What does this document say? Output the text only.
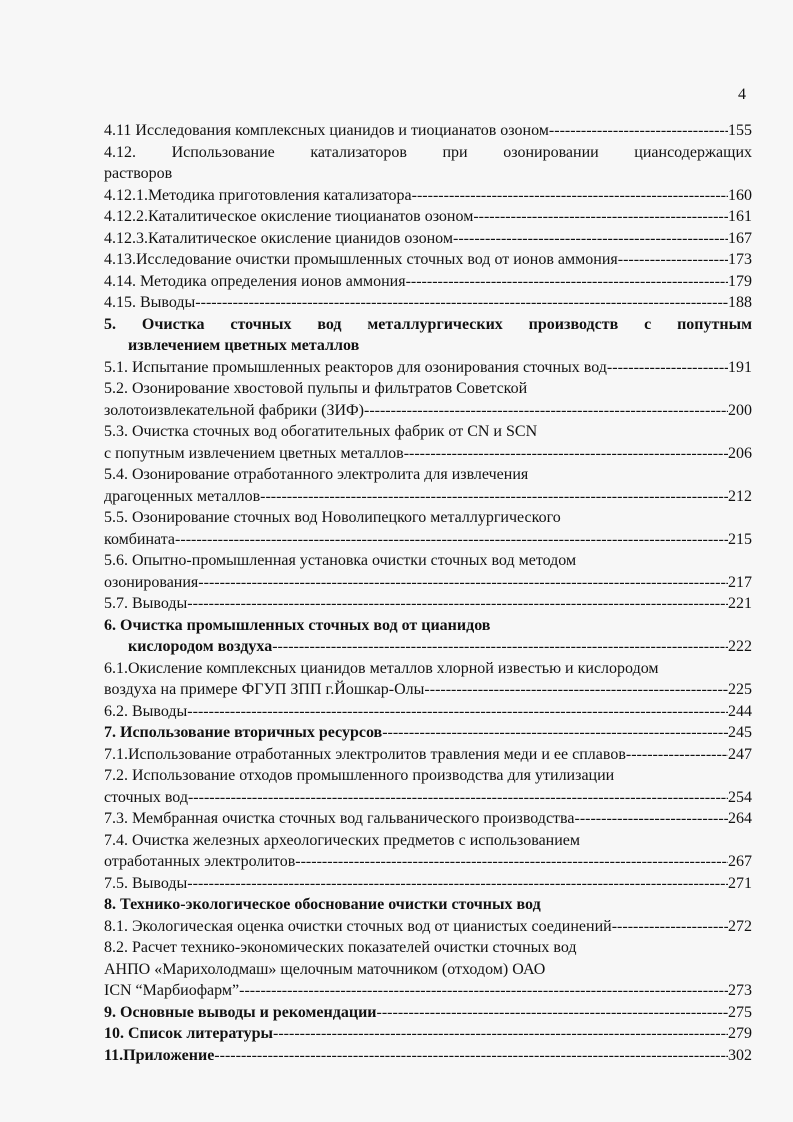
4
4.11 Исследования комплексных цианидов и тиоцианатов озоном -----	155
4.12. Использование катализаторов при озонировании циансодержащих
растворов
4.12.1.Методика приготовления катализатора -----	160
4.12.2.Каталитическое окисление тиоцианатов озоном -----	161
4.12.3.Каталитическое окисление цианидов озоном -----	167
4.13.Исследование очистки промышленных сточных вод от ионов аммония -----	173
4.14. Методика определения ионов аммония -----	179
4.15. Выводы -----	188
5. Очистка сточных вод металлургических производств с попутным
извлечением цветных металлов
5.1. Испытание промышленных реакторов для озонирования сточных вод -----	191
5.2. Озонирование хвостовой пульпы и фильтратов Советской
золотоизвлекательной фабрики (ЗИФ) -----	200
5.3. Очистка сточных вод обогатительных фабрик от CN и SCN
с попутным извлечением цветных металлов -----	206
5.4. Озонирование отработанного электролита для извлечения
драгоценных металлов -----	212
5.5. Озонирование сточных вод Новолипецкого металлургического
комбината -----	215
5.6. Опытно-промышленная установка очистки сточных вод методом
озонирования -----	217
5.7. Выводы -----	221
6. Очистка промышленных сточных вод от цианидов
кислородом воздуха -----	222
6.1.Окисление комплексных цианидов металлов хлорной известью и кислородом
воздуха на примере ФГУП ЗПП г.Йошкар-Олы -----	225
6.2. Выводы -----	244
7. Использование вторичных ресурсов -----	245
7.1.Использование отработанных электролитов травления меди и ее сплавов -----	247
7.2. Использование отходов промышленного производства для утилизации
сточных вод -----	254
7.3. Мембранная очистка сточных вод гальванического производства -----	264
7.4. Очистка железных археологических предметов с использованием
отработанных электролитов -----	267
7.5. Выводы -----	271
8. Технико-экологическое обоснование очистки сточных вод
8.1. Экологическая оценка очистки сточных вод от цианистых соединений -----	272
8.2. Расчет технико-экономических показателей очистки сточных вод
АНПО «Марихолодмаш» щелочным маточником (отходом) ОАО
ICN “Марбиофарм” -----	273
9. Основные выводы и рекомендации -----	275
10. Список литературы -----	279
11.Приложение -----	302
